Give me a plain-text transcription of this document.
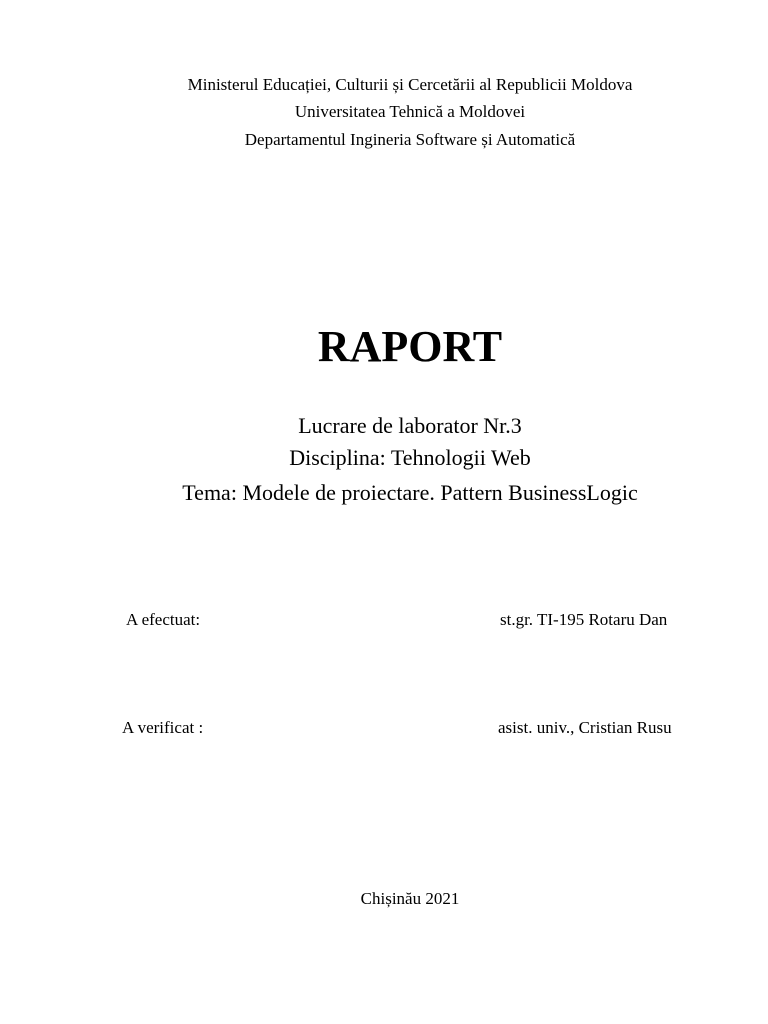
Ministerul Educației, Culturii și Cercetării al Republicii Moldova
Universitatea Tehnică a Moldovei
Departamentul Ingineria Software și Automatică
RAPORT
Lucrare de laborator Nr.3
Disciplina: Tehnologii Web
Tema: Modele de proiectare. Pattern BusinessLogic
A efectuat:	st.gr. TI-195 Rotaru Dan
A verificat :	asist. univ., Cristian Rusu
Chișinău 2021
